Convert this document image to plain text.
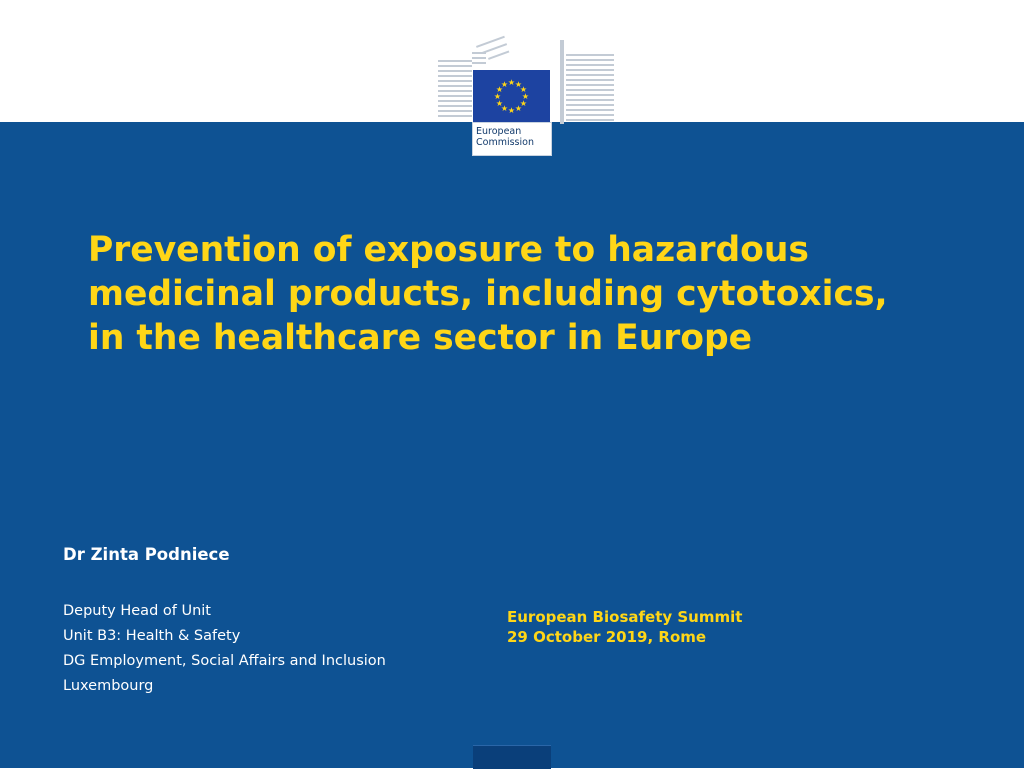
★ ★
★
★
★
★
★
★
★
★
★
★
European
Commission
Prevention of exposure to hazardous
medicinal products, including cytotoxics,
in the healthcare sector in Europe
Dr Zinta Podniece
Deputy Head of Unit
Unit B3: Health & Safety
DG Employment, Social Affairs and Inclusion
Luxembourg
European Biosafety Summit
29 October 2019, Rome
